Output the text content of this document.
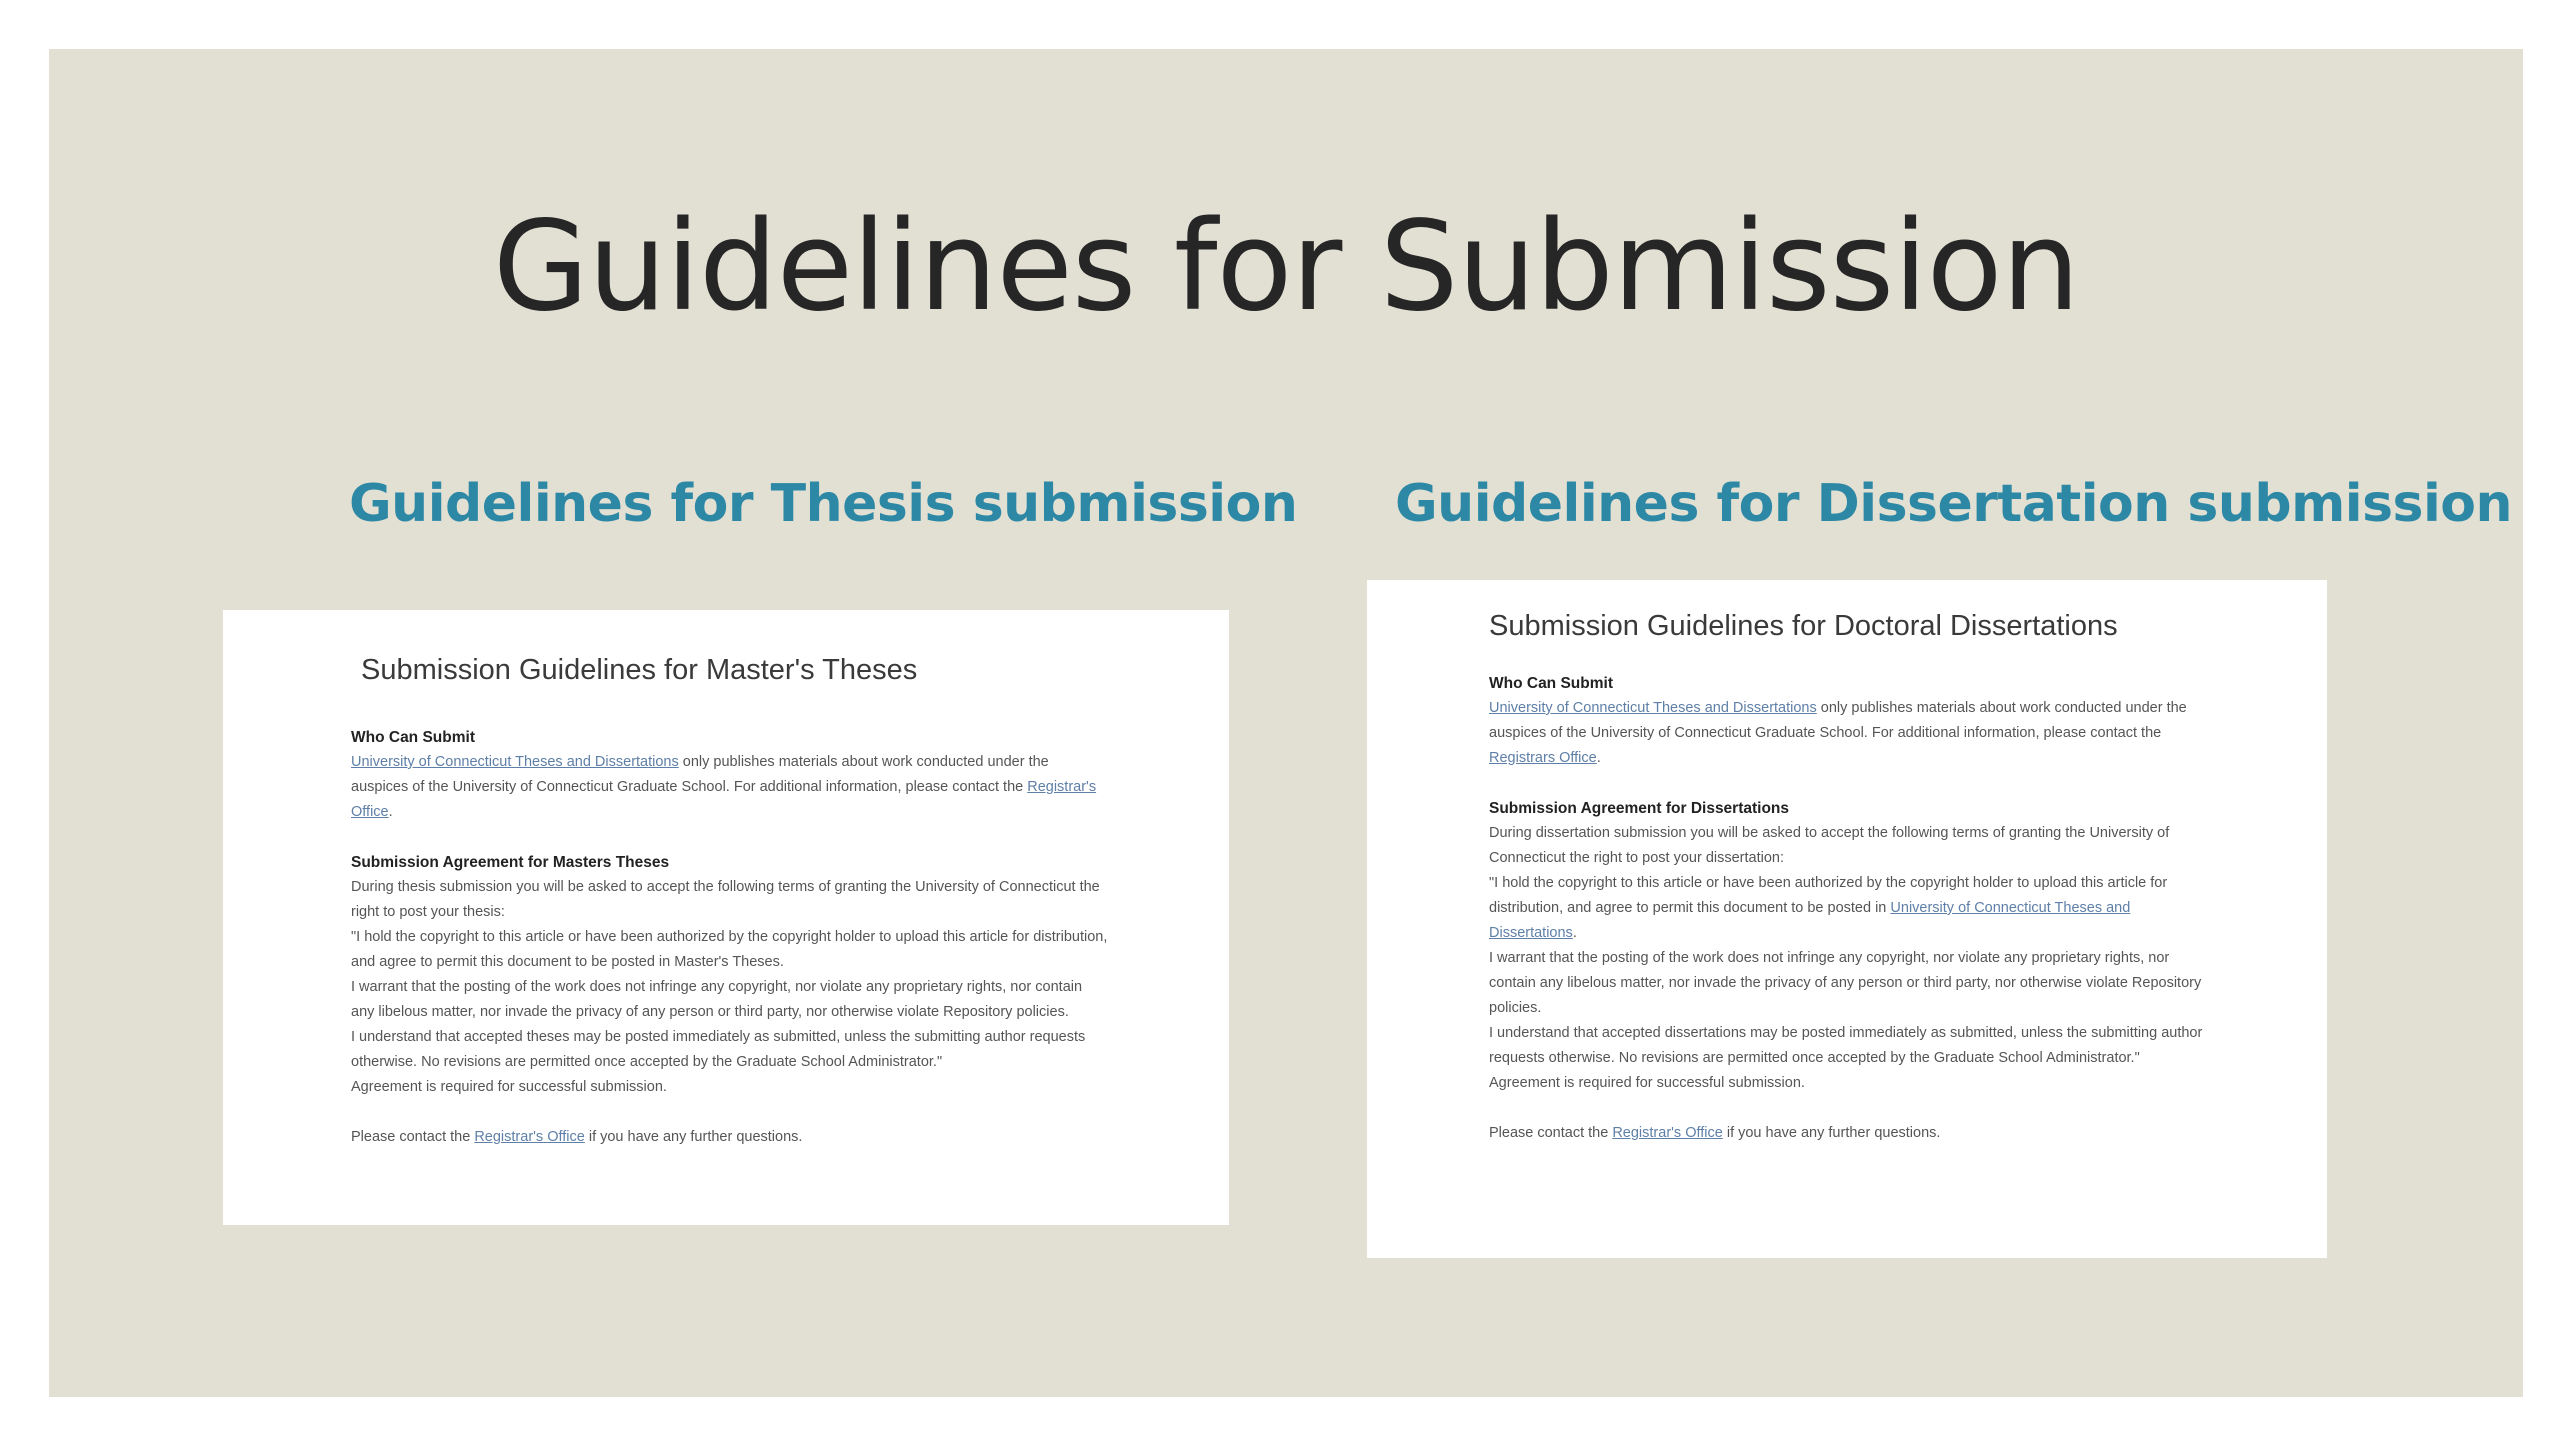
Guidelines for Submission
Guidelines for Thesis submission Guidelines for Dissertation submission
Submission Guidelines for Master's Theses

Who Can Submit

University of Connecticut Theses and Dissertations only publishes materials about work conducted under the auspices of the University of Connecticut Graduate School. For additional information, please contact the Registrar's Office.

Submission Agreement for Masters Theses

During thesis submission you will be asked to accept the following terms of granting the University of Connecticut the right to post your thesis:

"I hold the copyright to this article or have been authorized by the copyright holder to upload this article for distribution, and agree to permit this document to be posted in Master's Theses.

I warrant that the posting of the work does not infringe any copyright, nor violate any proprietary rights, nor contain any libelous matter, nor invade the privacy of any person or third party, nor otherwise violate Repository policies.

I understand that accepted theses may be posted immediately as submitted, unless the submitting author requests otherwise. No revisions are permitted once accepted by the Graduate School Administrator."

Agreement is required for successful submission.

Please contact the Registrar's Office if you have any further questions.

Submission Guidelines for Doctoral Dissertations

Who Can Submit

University of Connecticut Theses and Dissertations only publishes materials about work conducted under the auspices of the University of Connecticut Graduate School. For additional information, please contact the Registrars Office.

Submission Agreement for Dissertations

During dissertation submission you will be asked to accept the following terms of granting the University of Connecticut the right to post your dissertation:

"I hold the copyright to this article or have been authorized by the copyright holder to upload this article for distribution, and agree to permit this document to be posted in University of Connecticut Theses and Dissertations.

I warrant that the posting of the work does not infringe any copyright, nor violate any proprietary rights, nor contain any libelous matter, nor invade the privacy of any person or third party, nor otherwise violate Repository policies.

I understand that accepted dissertations may be posted immediately as submitted, unless the submitting author requests otherwise. No revisions are permitted once accepted by the Graduate School Administrator."

Agreement is required for successful submission.

Please contact the Registrar's Office if you have any further questions.
